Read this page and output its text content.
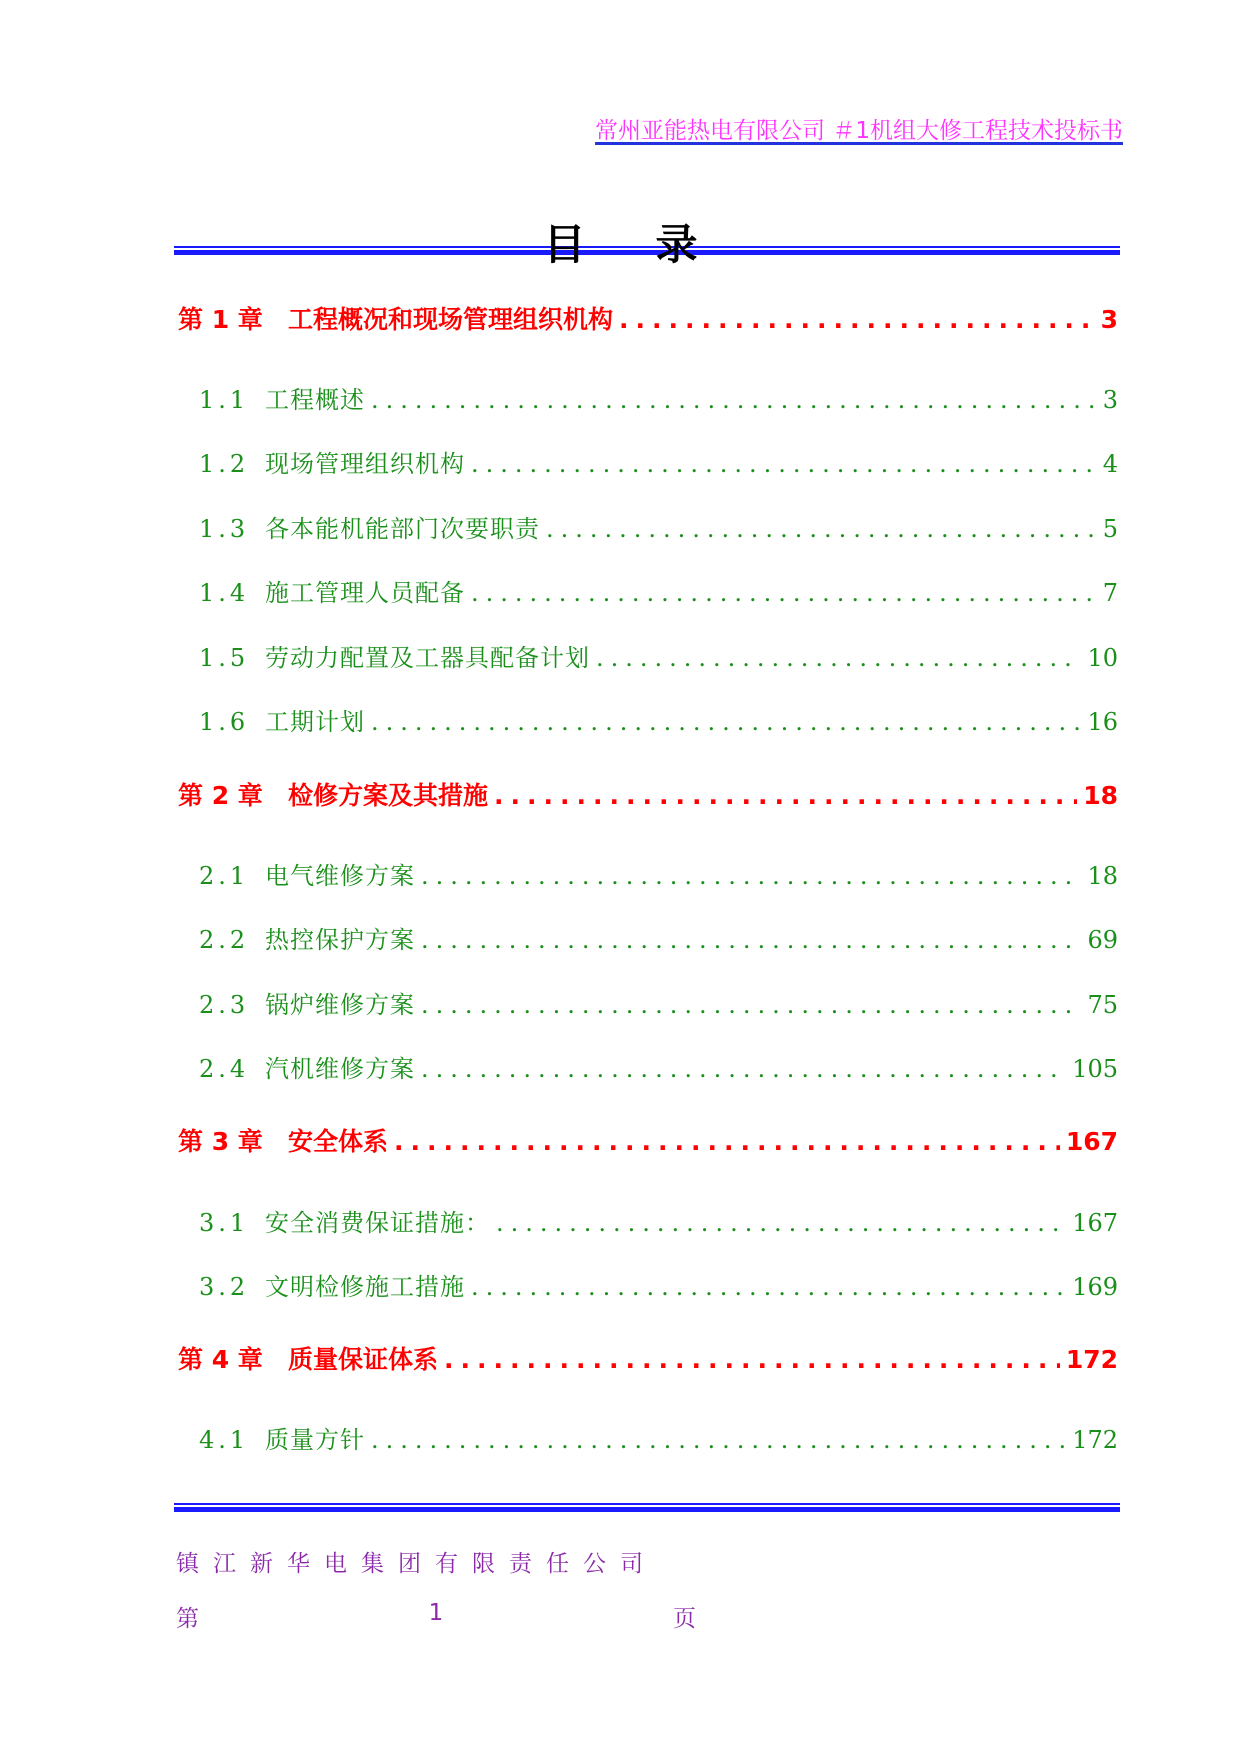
常州亚能热电有限公司 ＃1机组大修工程技术投标书
目录
第 1 章	工程概况和现场管理组织机构 .....	3
1.1 工程概述 .....	3
1.2 现场管理组织机构 .....	4
1.3 各本能机能部门次要职责 .....	5
1.4 施工管理人员配备 .....	7
1.5 劳动力配置及工器具配备计划 .....	10
1.6 工期计划 .....	16
第 2 章	检修方案及其措施 .....	18
2.1 电气维修方案 .....	18
2.2 热控保护方案 .....	69
2.3 锅炉维修方案 .....	75
2.4 汽机维修方案 .....	105
第 3 章	安全体系 .....	167
3.1 安全消费保证措施： .....	167
3.2 文明检修施工措施 .....	169
第 4 章	质量保证体系 .....	172
4.1 质量方针 .....	172
镇江新华电集团有限责任公司
第	1	页
